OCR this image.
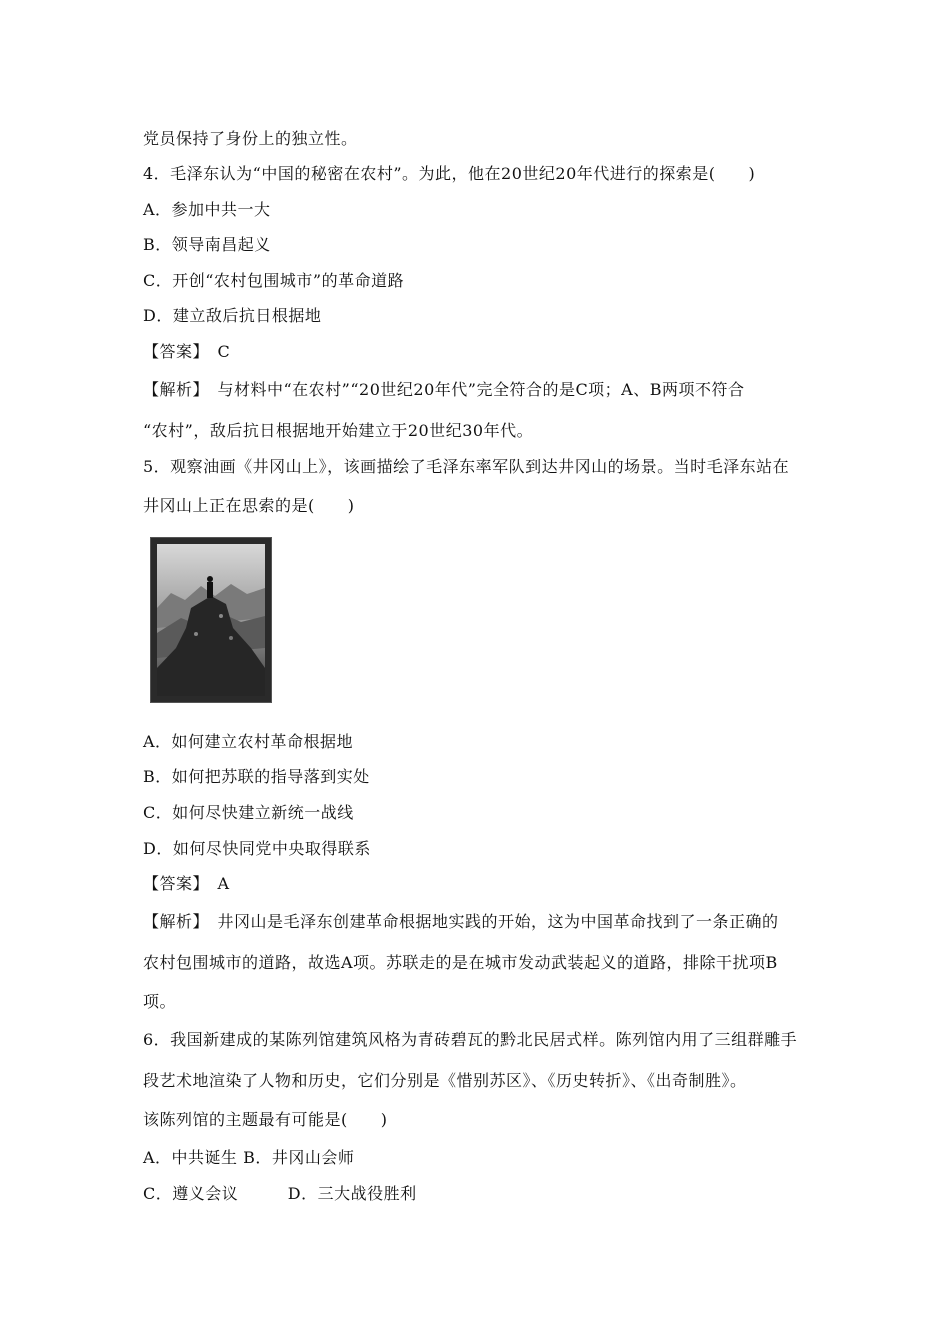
党员保持了身份上的独立性。
4．毛泽东认为“中国的秘密在农村”。为此，他在20世纪20年代进行的探索是(　　)
A．参加中共一大
B．领导南昌起义
C．开创“农村包围城市”的革命道路
D．建立敌后抗日根据地
【答案】　C
【解析】　与材料中“在农村”“20世纪20年代”完全符合的是C项；A、B两项不符合
“农村”，敌后抗日根据地开始建立于20世纪30年代。
5．观察油画《井冈山上》，该画描绘了毛泽东率军队到达井冈山的场景。当时毛泽东站在
井冈山上正在思索的是(　　)
A．如何建立农村革命根据地
B．如何把苏联的指导落到实处
C．如何尽快建立新统一战线
D．如何尽快同党中央取得联系
【答案】　A
【解析】　井冈山是毛泽东创建革命根据地实践的开始，这为中国革命找到了一条正确的
农村包围城市的道路，故选A项。苏联走的是在城市发动武装起义的道路，排除干扰项B
项。
6．我国新建成的某陈列馆建筑风格为青砖碧瓦的黔北民居式样。陈列馆内用了三组群雕手
段艺术地渲染了人物和历史，它们分别是《惜别苏区》、《历史转折》、《出奇制胜》。
该陈列馆的主题最有可能是(　　)
A．中共诞生 B．井冈山会师
C．遵义会议　　　D．三大战役胜利
